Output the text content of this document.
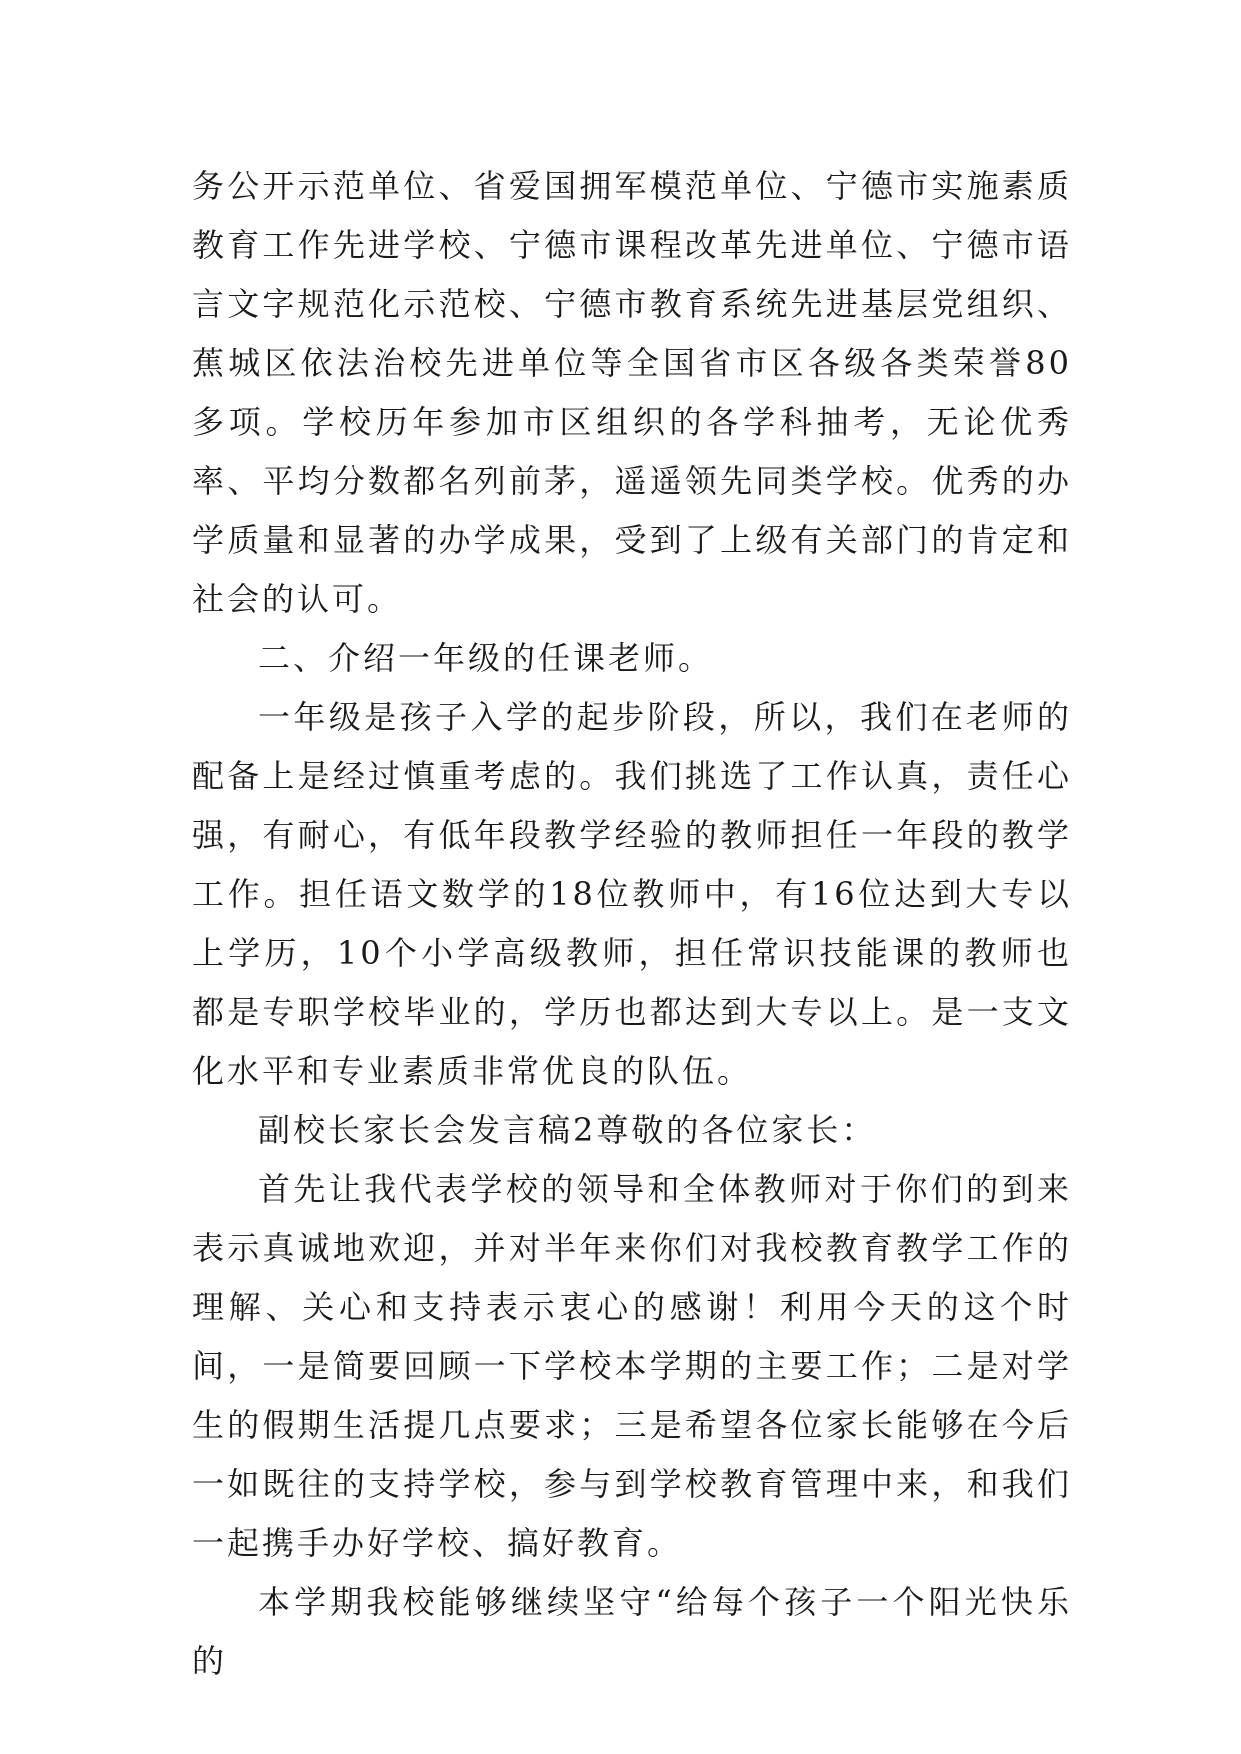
务公开示范单位、省爱国拥军模范单位、宁德市实施素质教育工作先进学校、宁德市课程改革先进单位、宁德市语言文字规范化示范校、宁德市教育系统先进基层党组织、蕉城区依法治校先进单位等全国省市区各级各类荣誉80多项。学校历年参加市区组织的各学科抽考，无论优秀率、平均分数都名列前茅，遥遥领先同类学校。优秀的办学质量和显著的办学成果，受到了上级有关部门的肯定和社会的认可。

二、介绍一年级的任课老师。

一年级是孩子入学的起步阶段，所以，我们在老师的配备上是经过慎重考虑的。我们挑选了工作认真，责任心强，有耐心，有低年段教学经验的教师担任一年段的教学工作。担任语文数学的18位教师中，有16位达到大专以上学历，10个小学高级教师，担任常识技能课的教师也都是专职学校毕业的，学历也都达到大专以上。是一支文化水平和专业素质非常优良的队伍。

副校长家长会发言稿2尊敬的各位家长：

首先让我代表学校的领导和全体教师对于你们的到来表示真诚地欢迎，并对半年来你们对我校教育教学工作的理解、关心和支持表示衷心的感谢！利用今天的这个时间，一是简要回顾一下学校本学期的主要工作；二是对学生的假期生活提几点要求；三是希望各位家长能够在今后一如既往的支持学校，参与到学校教育管理中来，和我们一起携手办好学校、搞好教育。

本学期我校能够继续坚守“给每个孩子一个阳光快乐的
